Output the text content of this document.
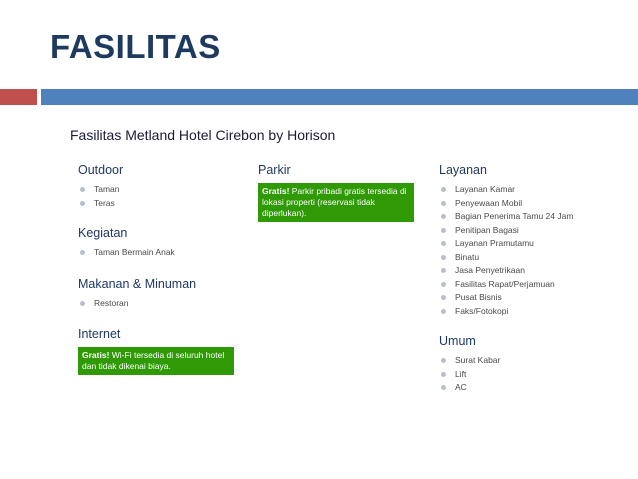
FASILITAS
Fasilitas Metland Hotel Cirebon by Horison
Outdoor
Taman
Teras
Kegiatan
Taman Bermain Anak
Makanan & Minuman
Restoran
Internet
Gratis! Wi-Fi tersedia di seluruh hotel dan tidak dikenai biaya.
Parkir
Gratis! Parkir pribadi gratis tersedia di lokasi properti (reservasi tidak diperlukan).
Layanan
Layanan Kamar
Penyewaan Mobil
Bagian Penerima Tamu 24 Jam
Penitipan Bagasi
Layanan Pramutamu
Binatu
Jasa Penyetrikaan
Fasilitas Rapat/Perjamuan
Pusat Bisnis
Faks/Fotokopi
Umum
Surat Kabar
Lift
AC
